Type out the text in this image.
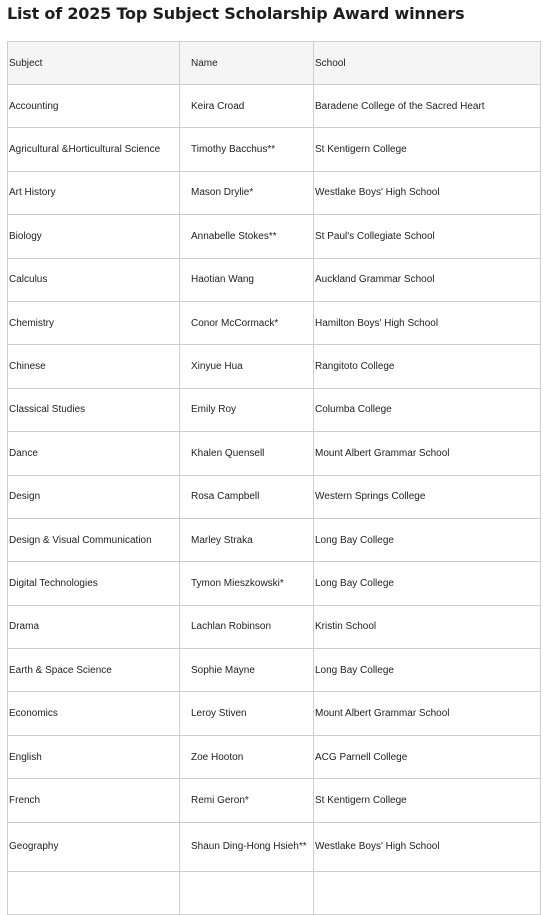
List of 2025 Top Subject Scholarship Award winners
Subject	Name	School
Accounting	Keira Croad	Baradene College of the Sacred Heart
Agricultural &Horticultural Science	Timothy Bacchus**	St Kentigern College
Art History	Mason Drylie*	Westlake Boys' High School
Biology	Annabelle Stokes**	St Paul's Collegiate School
Calculus	Haotian Wang	Auckland Grammar School
Chemistry	Conor McCormack*	Hamilton Boys' High School
Chinese	Xinyue Hua	Rangitoto College
Classical Studies	Emily Roy	Columba College
Dance	Khalen Quensell	Mount Albert Grammar School
Design	Rosa Campbell	Western Springs College
Design & Visual Communication	Marley Straka	Long Bay College
Digital Technologies	Tymon Mieszkowski*	Long Bay College
Drama	Lachlan Robinson	Kristin School
Earth & Space Science	Sophie Mayne	Long Bay College
Economics	Leroy Stiven	Mount Albert Grammar School
English	Zoe Hooton	ACG Parnell College
French	Remi Geron*	St Kentigern College
Geography	Shaun Ding-Hong Hsieh**	Westlake Boys' High School
